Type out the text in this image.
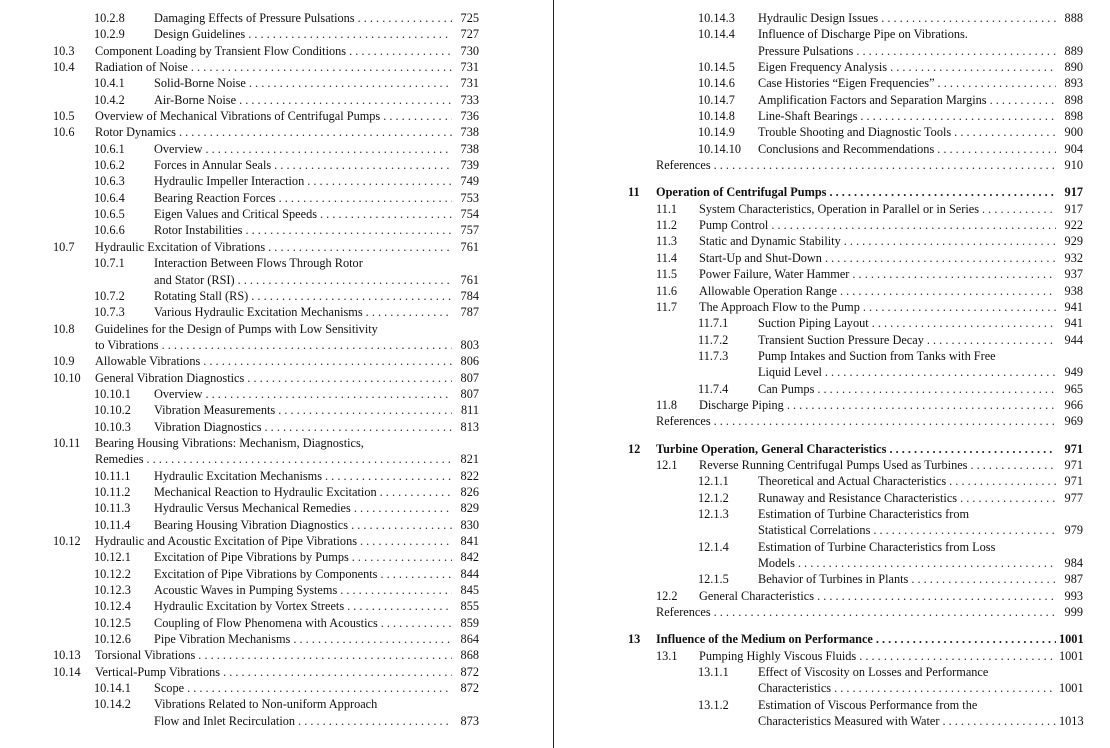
10.2.8 Damaging Effects of Pressure Pulsations . . .	725
10.2.9 Design Guidelines . . .	727
10.3 Component Loading by Transient Flow Conditions . . .	730
10.4 Radiation of Noise . . .	731
10.4.1 Solid-Borne Noise . . .	731
10.4.2 Air-Borne Noise . . .	733
10.5 Overview of Mechanical Vibrations of Centrifugal Pumps . . .	736
10.6 Rotor Dynamics . . .	738
10.6.1 Overview . . .	738
10.6.2 Forces in Annular Seals . . .	739
10.6.3 Hydraulic Impeller Interaction . . .	749
10.6.4 Bearing Reaction Forces . . .	753
10.6.5 Eigen Values and Critical Speeds . . .	754
10.6.6 Rotor Instabilities . . .	757
10.7 Hydraulic Excitation of Vibrations . . .	761
10.7.1 Interaction Between Flows Through Rotor
and Stator (RSI) . . .	761
10.7.2 Rotating Stall (RS) . . .	784
10.7.3 Various Hydraulic Excitation Mechanisms . . .	787
10.8 Guidelines for the Design of Pumps with Low Sensitivity
to Vibrations . . .	803
10.9 Allowable Vibrations . . .	806
10.10 General Vibration Diagnostics . . .	807
10.10.1 Overview . . .	807
10.10.2 Vibration Measurements . . .	811
10.10.3 Vibration Diagnostics . . .	813
10.11 Bearing Housing Vibrations: Mechanism, Diagnostics,
Remedies . . .	821
10.11.1 Hydraulic Excitation Mechanisms . . .	822
10.11.2 Mechanical Reaction to Hydraulic Excitation . . .	826
10.11.3 Hydraulic Versus Mechanical Remedies . . .	829
10.11.4 Bearing Housing Vibration Diagnostics . . .	830
10.12 Hydraulic and Acoustic Excitation of Pipe Vibrations . . .	841
10.12.1 Excitation of Pipe Vibrations by Pumps . . .	842
10.12.2 Excitation of Pipe Vibrations by Components . . .	844
10.12.3 Acoustic Waves in Pumping Systems . . .	845
10.12.4 Hydraulic Excitation by Vortex Streets . . .	855
10.12.5 Coupling of Flow Phenomena with Acoustics . . .	859
10.12.6 Pipe Vibration Mechanisms . . .	864
10.13 Torsional Vibrations . . .	868
10.14 Vertical-Pump Vibrations . . .	872
10.14.1 Scope . . .	872
10.14.2 Vibrations Related to Non-uniform Approach
Flow and Inlet Recirculation . . .	873
10.14.3 Hydraulic Design Issues . . .	888
10.14.4 Influence of Discharge Pipe on Vibrations.
Pressure Pulsations . . .	889
10.14.5 Eigen Frequency Analysis . . .	890
10.14.6 Case Histories “Eigen Frequencies” . . .	893
10.14.7 Amplification Factors and Separation Margins . . .	898
10.14.8 Line-Shaft Bearings . . .	898
10.14.9 Trouble Shooting and Diagnostic Tools . . .	900
10.14.10 Conclusions and Recommendations . . .	904
References . . .	910
11 Operation of Centrifugal Pumps . . .	917
11.1 System Characteristics, Operation in Parallel or in Series . . .	917
11.2 Pump Control . . .	922
11.3 Static and Dynamic Stability . . .	929
11.4 Start-Up and Shut-Down . . .	932
11.5 Power Failure, Water Hammer . . .	937
11.6 Allowable Operation Range . . .	938
11.7 The Approach Flow to the Pump . . .	941
11.7.1 Suction Piping Layout . . .	941
11.7.2 Transient Suction Pressure Decay . . .	944
11.7.3 Pump Intakes and Suction from Tanks with Free
Liquid Level . . .	949
11.7.4 Can Pumps . . .	965
11.8 Discharge Piping . . .	966
References . . .	969
12 Turbine Operation, General Characteristics . . .	971
12.1 Reverse Running Centrifugal Pumps Used as Turbines . . .	971
12.1.1 Theoretical and Actual Characteristics . . .	971
12.1.2 Runaway and Resistance Characteristics . . .	977
12.1.3 Estimation of Turbine Characteristics from
Statistical Correlations . . .	979
12.1.4 Estimation of Turbine Characteristics from Loss
Models . . .	984
12.1.5 Behavior of Turbines in Plants . . .	987
12.2 General Characteristics . . .	993
References . . .	999
13 Influence of the Medium on Performance . . .	1001
13.1 Pumping Highly Viscous Fluids . . .	1001
13.1.1 Effect of Viscosity on Losses and Performance
Characteristics . . .	1001
13.1.2 Estimation of Viscous Performance from the
Characteristics Measured with Water . . .	1013
